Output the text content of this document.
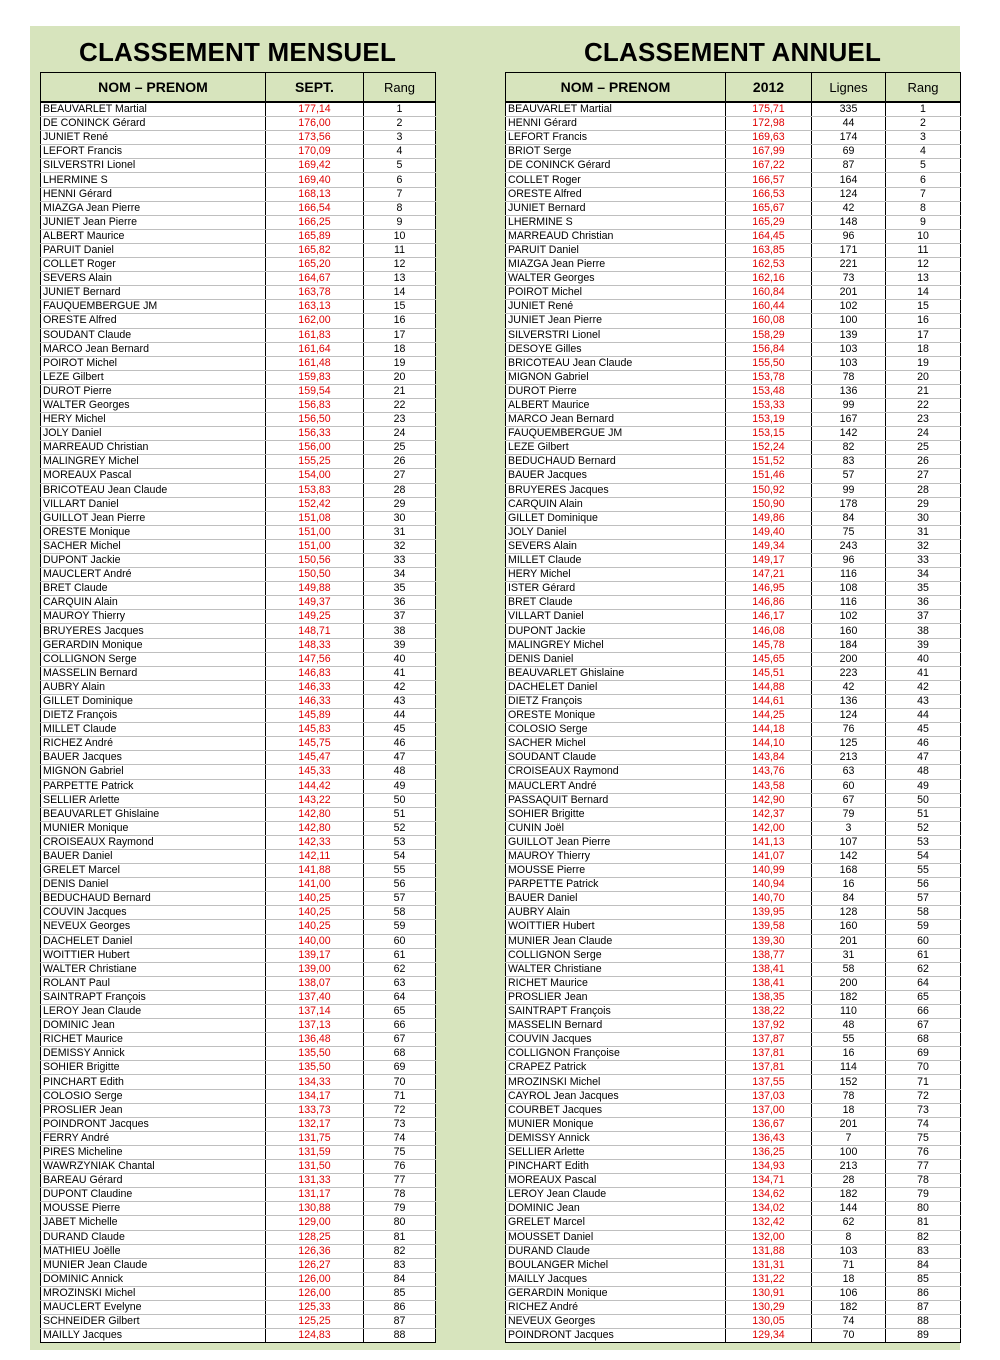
CLASSEMENT MENSUEL	CLASSEMENT ANNUEL
NOM – PRENOM	SEPT.	Rang
BEAUVARLET Martial	177,14	1
DE CONINCK Gérard	176,00	2
JUNIET René	173,56	3
LEFORT Francis	170,09	4
SILVERSTRI Lionel	169,42	5
LHERMINE S	169,40	6
HENNI Gérard	168,13	7
MIAZGA Jean Pierre	166,54	8
JUNIET Jean Pierre	166,25	9
ALBERT Maurice	165,89	10
PARUIT Daniel	165,82	11
COLLET Roger	165,20	12
SEVERS Alain	164,67	13
JUNIET Bernard	163,78	14
FAUQUEMBERGUE JM	163,13	15
ORESTE Alfred	162,00	16
SOUDANT Claude	161,83	17
MARCO Jean Bernard	161,64	18
POIROT Michel	161,48	19
LEZE Gilbert	159,83	20
DUROT Pierre	159,54	21
WALTER Georges	156,83	22
HERY Michel	156,50	23
JOLY Daniel	156,33	24
MARREAUD Christian	156,00	25
MALINGREY Michel	155,25	26
MOREAUX Pascal	154,00	27
BRICOTEAU Jean Claude	153,83	28
VILLART Daniel	152,42	29
GUILLOT Jean Pierre	151,08	30
ORESTE Monique	151,00	31
SACHER Michel	151,00	32
DUPONT Jackie	150,56	33
MAUCLERT André	150,50	34
BRET Claude	149,88	35
CARQUIN Alain	149,37	36
MAUROY Thierry	149,25	37
BRUYERES Jacques	148,71	38
GERARDIN Monique	148,33	39
COLLIGNON Serge	147,56	40
MASSELIN Bernard	146,83	41
AUBRY Alain	146,33	42
GILLET Dominique	146,33	43
DIETZ François	145,89	44
MILLET Claude	145,83	45
RICHEZ André	145,75	46
BAUER Jacques	145,47	47
MIGNON Gabriel	145,33	48
PARPETTE Patrick	144,42	49
SELLIER Arlette	143,22	50
BEAUVARLET Ghislaine	142,80	51
MUNIER Monique	142,80	52
CROISEAUX Raymond	142,33	53
BAUER Daniel	142,11	54
GRELET Marcel	141,88	55
DENIS Daniel	141,00	56
BEDUCHAUD Bernard	140,25	57
COUVIN Jacques	140,25	58
NEVEUX Georges	140,25	59
DACHELET Daniel	140,00	60
WOITTIER Hubert	139,17	61
WALTER Christiane	139,00	62
ROLANT Paul	138,07	63
SAINTRAPT François	137,40	64
LEROY Jean Claude	137,14	65
DOMINIC Jean	137,13	66
RICHET Maurice	136,48	67
DEMISSY Annick	135,50	68
SOHIER Brigitte	135,50	69
PINCHART Edith	134,33	70
COLOSIO Serge	134,17	71
PROSLIER Jean	133,73	72
POINDRONT Jacques	132,17	73
FERRY André	131,75	74
PIRES Micheline	131,59	75
WAWRZYNIAK Chantal	131,50	76
BAREAU Gérard	131,33	77
DUPONT Claudine	131,17	78
MOUSSE Pierre	130,88	79
JABET Michelle	129,00	80
DURAND Claude	128,25	81
MATHIEU Joëlle	126,36	82
MUNIER Jean Claude	126,27	83
DOMINIC Annick	126,00	84
MROZINSKI Michel	126,00	85
MAUCLERT Evelyne	125,33	86
SCHNEIDER Gilbert	125,25	87
MAILLY Jacques	124,83	88
NOM – PRENOM	2012	Lignes	Rang
BEAUVARLET Martial	175,71	335	1
HENNI Gérard	172,98	44	2
LEFORT Francis	169,63	174	3
BRIOT Serge	167,99	69	4
DE CONINCK Gérard	167,22	87	5
COLLET Roger	166,57	164	6
ORESTE Alfred	166,53	124	7
JUNIET Bernard	165,67	42	8
LHERMINE S	165,29	148	9
MARREAUD Christian	164,45	96	10
PARUIT Daniel	163,85	171	11
MIAZGA Jean Pierre	162,53	221	12
WALTER Georges	162,16	73	13
POIROT Michel	160,84	201	14
JUNIET René	160,44	102	15
JUNIET Jean Pierre	160,08	100	16
SILVERSTRI Lionel	158,29	139	17
DESOYE Gilles	156,84	103	18
BRICOTEAU Jean Claude	155,50	103	19
MIGNON Gabriel	153,78	78	20
DUROT Pierre	153,48	136	21
ALBERT Maurice	153,33	99	22
MARCO Jean Bernard	153,19	167	23
FAUQUEMBERGUE JM	153,15	142	24
LEZE Gilbert	152,24	82	25
BEDUCHAUD Bernard	151,52	83	26
BAUER Jacques	151,46	57	27
BRUYERES Jacques	150,92	99	28
CARQUIN Alain	150,90	178	29
GILLET Dominique	149,86	84	30
JOLY Daniel	149,40	75	31
SEVERS Alain	149,34	243	32
MILLET Claude	149,17	96	33
HERY Michel	147,21	116	34
ISTER Gérard	146,95	108	35
BRET Claude	146,86	116	36
VILLART Daniel	146,17	102	37
DUPONT Jackie	146,08	160	38
MALINGREY Michel	145,78	184	39
DENIS Daniel	145,65	200	40
BEAUVARLET Ghislaine	145,51	223	41
DACHELET Daniel	144,88	42	42
DIETZ François	144,61	136	43
ORESTE Monique	144,25	124	44
COLOSIO Serge	144,18	76	45
SACHER Michel	144,10	125	46
SOUDANT Claude	143,84	213	47
CROISEAUX Raymond	143,76	63	48
MAUCLERT André	143,58	60	49
PASSAQUIT Bernard	142,90	67	50
SOHIER Brigitte	142,37	79	51
CUNIN Joël	142,00	3	52
GUILLOT Jean Pierre	141,13	107	53
MAUROY Thierry	141,07	142	54
MOUSSE Pierre	140,99	168	55
PARPETTE Patrick	140,94	16	56
BAUER Daniel	140,70	84	57
AUBRY Alain	139,95	128	58
WOITTIER Hubert	139,58	160	59
MUNIER Jean Claude	139,30	201	60
COLLIGNON Serge	138,77	31	61
WALTER Christiane	138,41	58	62
RICHET Maurice	138,41	200	64
PROSLIER Jean	138,35	182	65
SAINTRAPT François	138,22	110	66
MASSELIN Bernard	137,92	48	67
COUVIN Jacques	137,87	55	68
COLLIGNON Françoise	137,81	16	69
CRAPEZ Patrick	137,81	114	70
MROZINSKI Michel	137,55	152	71
CAYROL Jean Jacques	137,03	78	72
COURBET Jacques	137,00	18	73
MUNIER Monique	136,67	201	74
DEMISSY Annick	136,43	7	75
SELLIER Arlette	136,25	100	76
PINCHART Edith	134,93	213	77
MOREAUX Pascal	134,71	28	78
LEROY Jean Claude	134,62	182	79
DOMINIC Jean	134,02	144	80
GRELET Marcel	132,42	62	81
MOUSSET Daniel	132,00	8	82
DURAND Claude	131,88	103	83
BOULANGER Michel	131,31	71	84
MAILLY Jacques	131,22	18	85
GERARDIN Monique	130,91	106	86
RICHEZ André	130,29	182	87
NEVEUX Georges	130,05	74	88
POINDRONT Jacques	129,34	70	89
